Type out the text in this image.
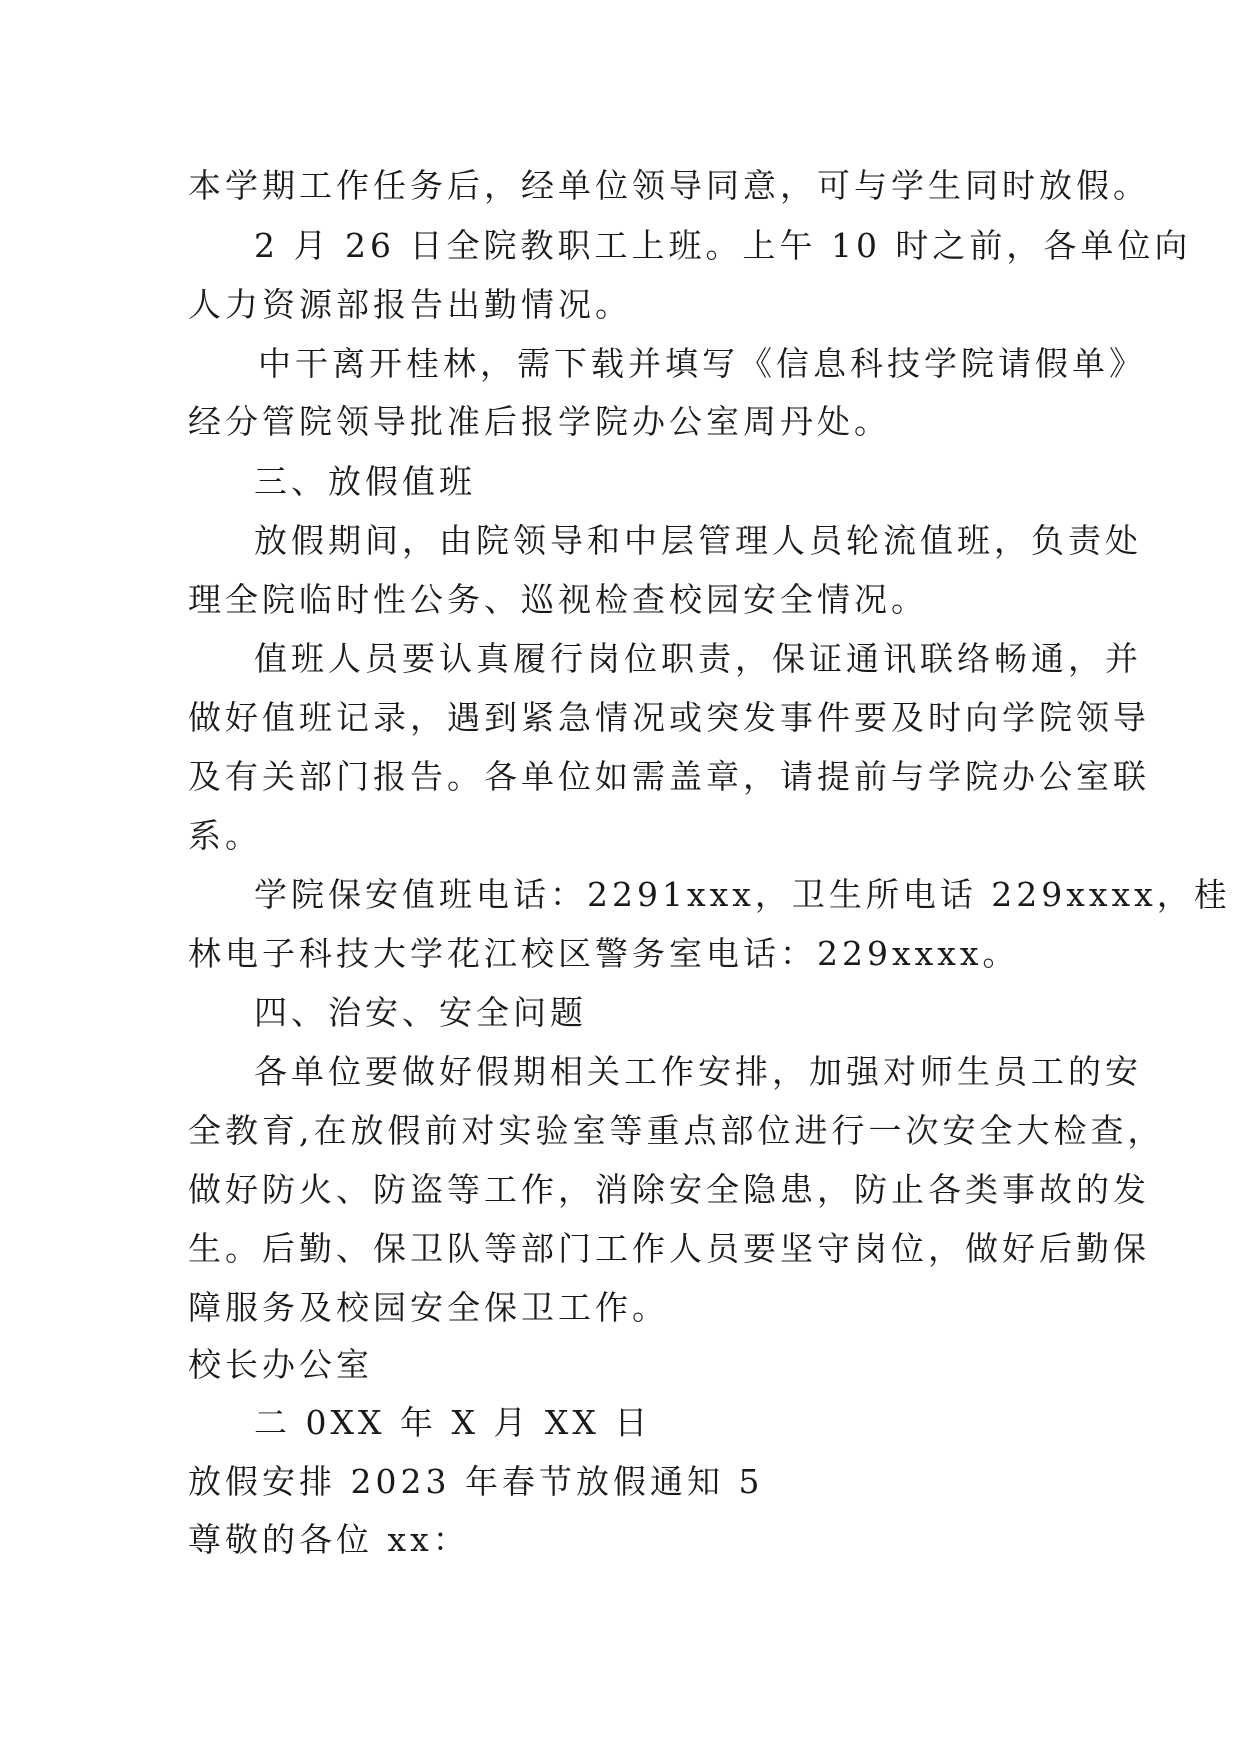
本学期工作任务后，经单位领导同意，可与学生同时放假。
2 月 26 日全院教职工上班。上午 10 时之前，各单位向
人力资源部报告出勤情况。
中干离开桂林，需下载并填写《信息科技学院请假单》
经分管院领导批准后报学院办公室周丹处。
三、放假值班
放假期间，由院领导和中层管理人员轮流值班，负责处
理全院临时性公务、巡视检查校园安全情况。
值班人员要认真履行岗位职责，保证通讯联络畅通，并
做好值班记录，遇到紧急情况或突发事件要及时向学院领导
及有关部门报告。各单位如需盖章，请提前与学院办公室联
系。
学院保安值班电话：2291xxx，卫生所电话 229xxxx，桂
林电子科技大学花江校区警务室电话：229xxxx。
四、治安、安全问题
各单位要做好假期相关工作安排，加强对师生员工的安
全教育,在放假前对实验室等重点部位进行一次安全大检查，
做好防火、防盗等工作，消除安全隐患，防止各类事故的发
生。后勤、保卫队等部门工作人员要坚守岗位，做好后勤保
障服务及校园安全保卫工作。
校长办公室
二 0XX 年 X 月 XX 日
放假安排 2023 年春节放假通知 5
尊敬的各位 xx：
